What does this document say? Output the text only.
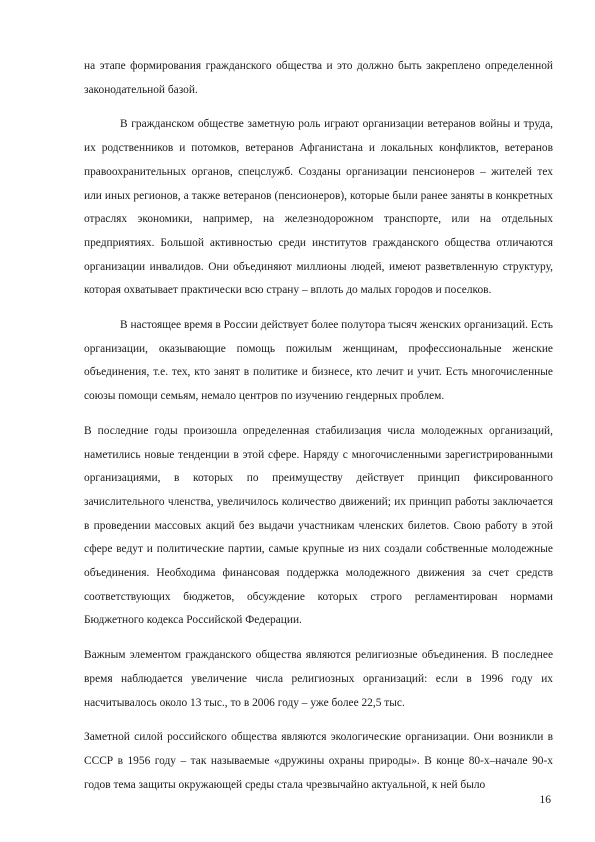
на этапе формирования гражданского общества и это должно быть закреплено определенной законодательной базой.

В гражданском обществе заметную роль играют организации ветеранов войны и труда, их родственников и потомков, ветеранов Афганистана и локальных конфликтов, ветеранов правоохранительных органов, спецслужб. Созданы организации пенсионеров – жителей тех или иных регионов, а также ветеранов (пенсионеров), которые были ранее заняты в конкретных отраслях экономики, например, на железнодорожном транспорте, или на отдельных предприятиях. Большой активностью среди институтов гражданского общества отличаются организации инвалидов. Они объединяют миллионы людей, имеют разветвленную структуру, которая охватывает практически всю страну – вплоть до малых городов и поселков.

В настоящее время в России действует более полутора тысяч женских организаций. Есть организации, оказывающие помощь пожилым женщинам, профессиональные женские объединения, т.е. тех, кто занят в политике и бизнесе, кто лечит и учит. Есть многочисленные союзы помощи семьям, немало центров по изучению гендерных проблем.

В последние годы произошла определенная стабилизация числа молодежных организаций, наметились новые тенденции в этой сфере. Наряду с многочисленными зарегистрированными организациями, в которых по преимуществу действует принцип фиксированного зачислительного членства, увеличилось количество движений; их принцип работы заключается в проведении массовых акций без выдачи участникам членских билетов. Свою работу в этой сфере ведут и политические партии, самые крупные из них создали собственные молодежные объединения. Необходима финансовая поддержка молодежного движения за счет средств соответствующих бюджетов, обсуждение которых строго регламентирован нормами Бюджетного кодекса Российской Федерации.

Важным элементом гражданского общества являются религиозные объединения. В последнее время наблюдается увеличение числа религиозных организаций: если в 1996 году их насчитывалось около 13 тыс., то в 2006 году – уже более 22,5 тыс.

Заметной силой российского общества являются экологические организации. Они возникли в СССР в 1956 году – так называемые «дружины охраны природы». В конце 80-х–начале 90-х годов тема защиты окружающей среды стала чрезвычайно актуальной, к ней было

16
